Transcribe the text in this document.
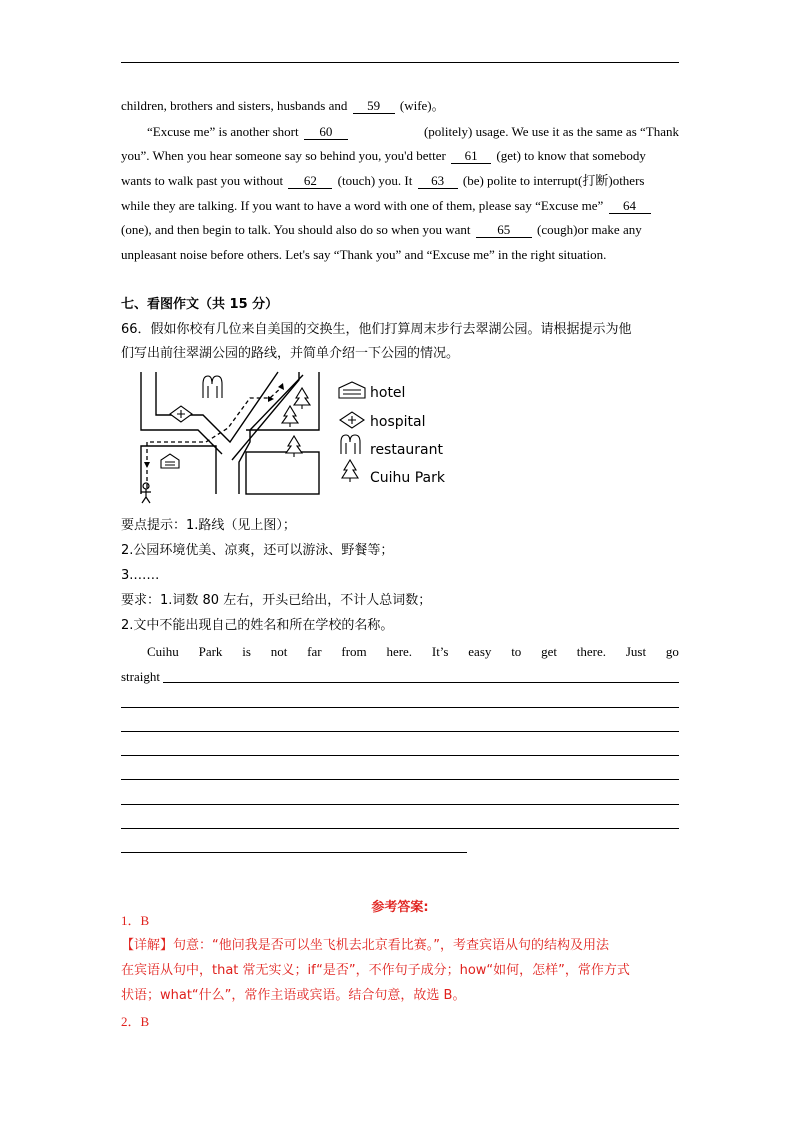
children, brothers and sisters, husbands and 59 (wife)。
“Excuse me” is another short 60	(politely) usage. We use it as the same as “Thank
you”. When you hear someone say so behind you, you'd better 61 (get) to know that somebody
wants to walk past you without 62 (touch) you. It 63 (be) polite to interrupt(打断)others
while they are talking. If you want to have a word with one of them, please say “Excuse me” 64
(one), and then begin to talk. You should also do so when you want 65 (cough)or make any
unpleasant noise before others. Let's say “Thank you” and “Excuse me” in the right situation.
七、看图作文（共 15 分）
66．假如你校有几位来自美国的交换生，他们打算周末步行去翠湖公园。请根据提示为他
们写出前往翠湖公园的路线，并简单介绍一下公园的情况。
hotel
hospital
restaurant
Cuihu Park
要点提示：1.路线（见上图）；
2.公园环境优美、凉爽，还可以游泳、野餐等；
3.……
要求：1.词数 80 左右，开头已给出，不计人总词数；
2.文中不能出现自己的姓名和所在学校的名称。
Cuihu Park is not far from here. It’s easy to get there. Just go
straight
参考答案:
1．B
【详解】句意：“他问我是否可以坐飞机去北京看比赛。”，考查宾语从句的结构及用法
在宾语从句中，that 常无实义；if“是否”，不作句子成分；how“如何，怎样”，常作方式
状语；what“什么”，常作主语或宾语。结合句意，故选 B。
2．B
